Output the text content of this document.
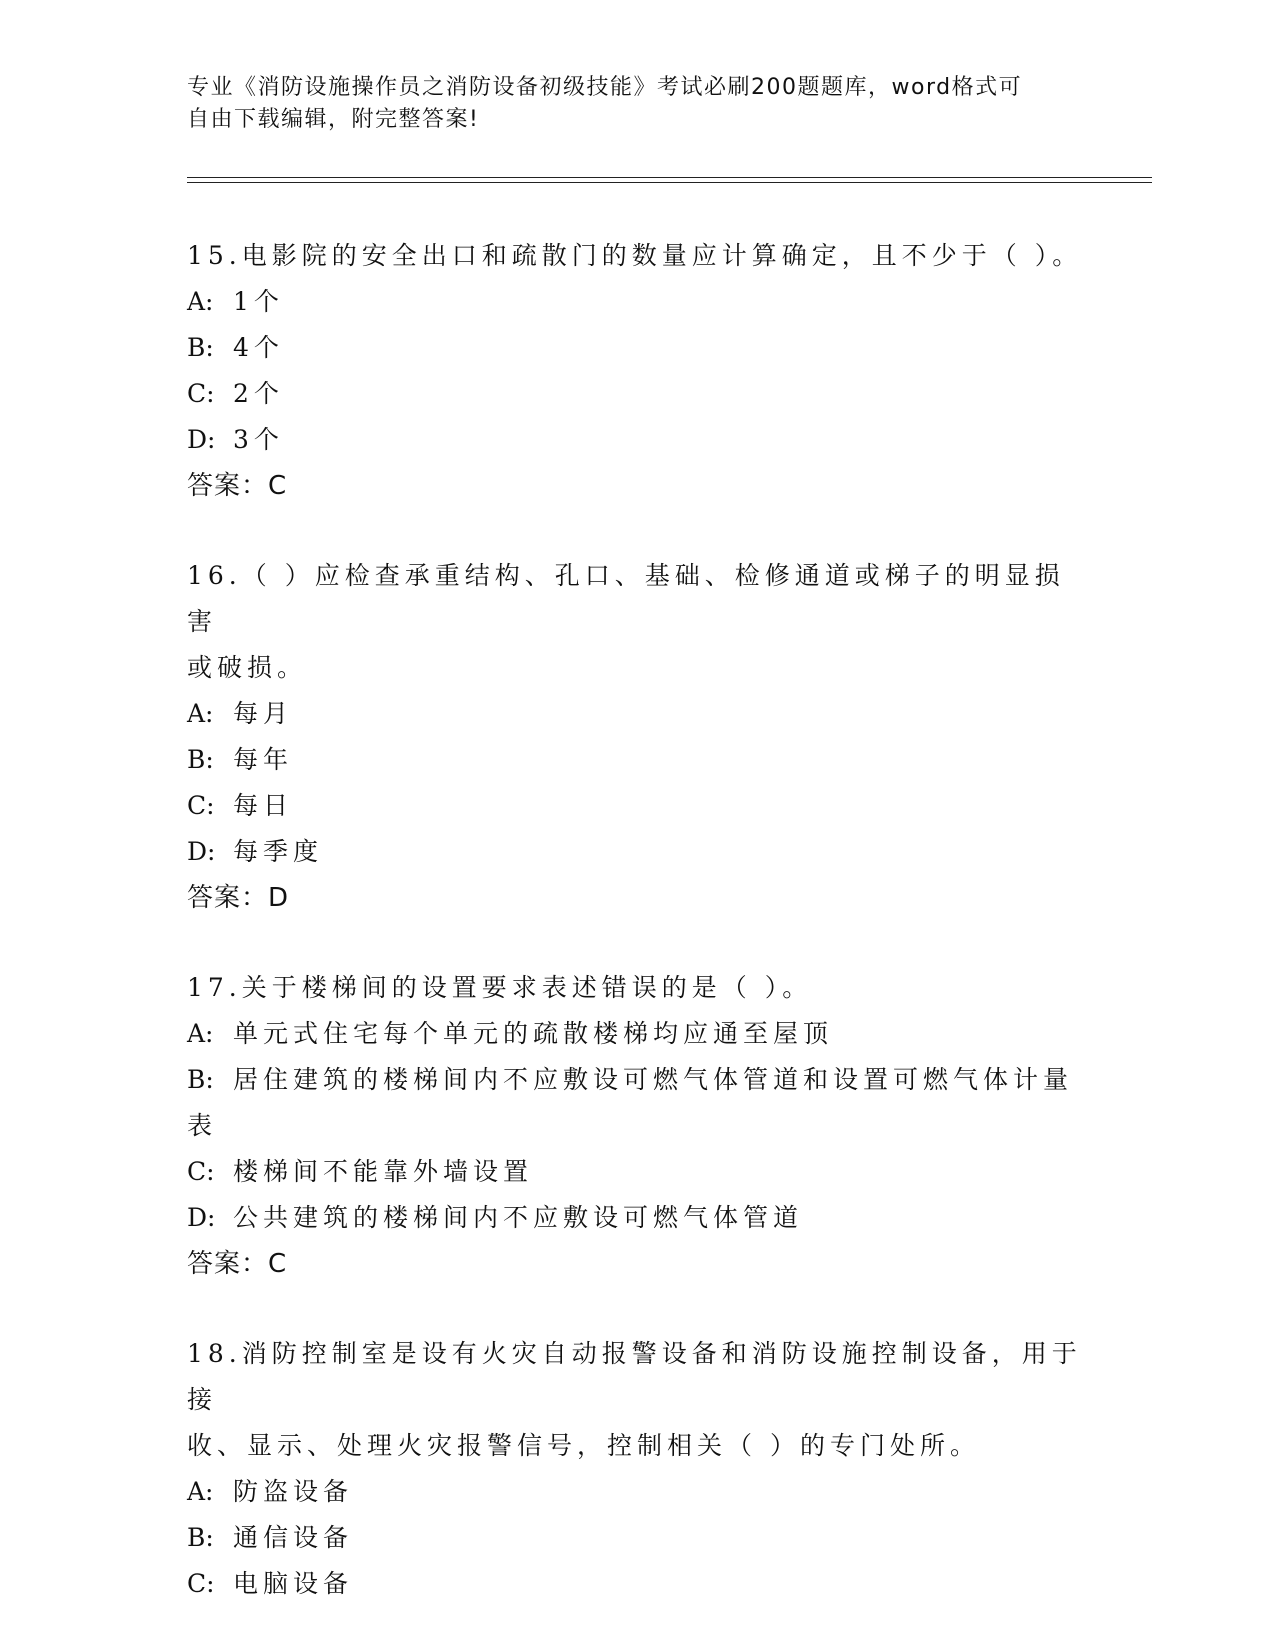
专业《消防设施操作员之消防设备初级技能》考试必刷200题题库，word格式可
自由下载编辑，附完整答案!
15.电影院的安全出口和疏散门的数量应计算确定，且不少于（ ）。
A: 1个
B: 4个
C: 2个
D: 3个
答案：C
16.（ ）应检查承重结构、孔口、基础、检修通道或梯子的明显损害
或破损。
A: 每月
B: 每年
C: 每日
D: 每季度
答案：D
17.关于楼梯间的设置要求表述错误的是（ ）。
A: 单元式住宅每个单元的疏散楼梯均应通至屋顶
B: 居住建筑的楼梯间内不应敷设可燃气体管道和设置可燃气体计量表
C: 楼梯间不能靠外墙设置
D: 公共建筑的楼梯间内不应敷设可燃气体管道
答案：C
18.消防控制室是设有火灾自动报警设备和消防设施控制设备，用于接
收、显示、处理火灾报警信号，控制相关（ ）的专门处所。
A: 防盗设备
B: 通信设备
C: 电脑设备
